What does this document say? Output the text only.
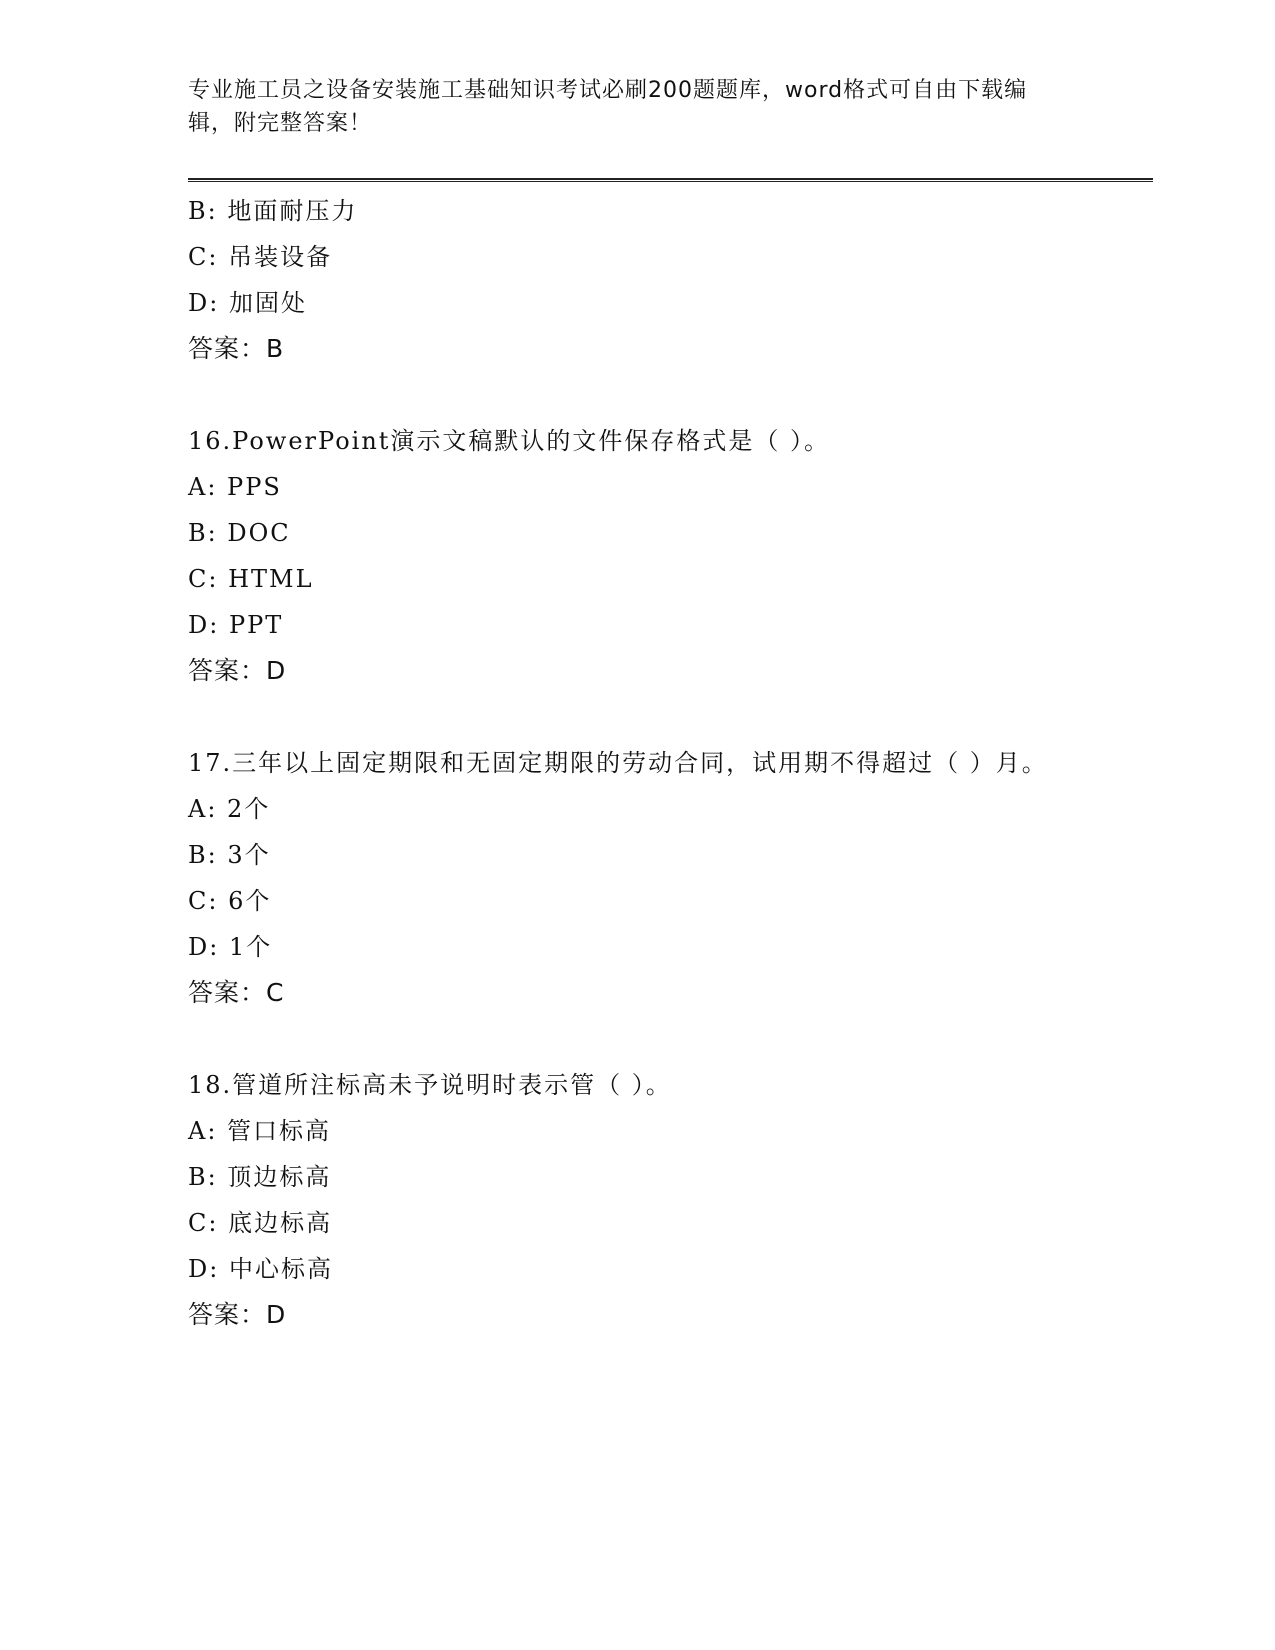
专业施工员之设备安装施工基础知识考试必刷200题题库，word格式可自由下载编辑，附完整答案！
B: 地面耐压力
C: 吊装设备
D: 加固处
答案：B
16.PowerPoint演示文稿默认的文件保存格式是（ ）。
A: PPS
B: DOC
C: HTML
D: PPT
答案：D
17.三年以上固定期限和无固定期限的劳动合同，试用期不得超过（ ）月。
A: 2个
B: 3个
C: 6个
D: 1个
答案：C
18.管道所注标高未予说明时表示管（ ）。
A: 管口标高
B: 顶边标高
C: 底边标高
D: 中心标高
答案：D
